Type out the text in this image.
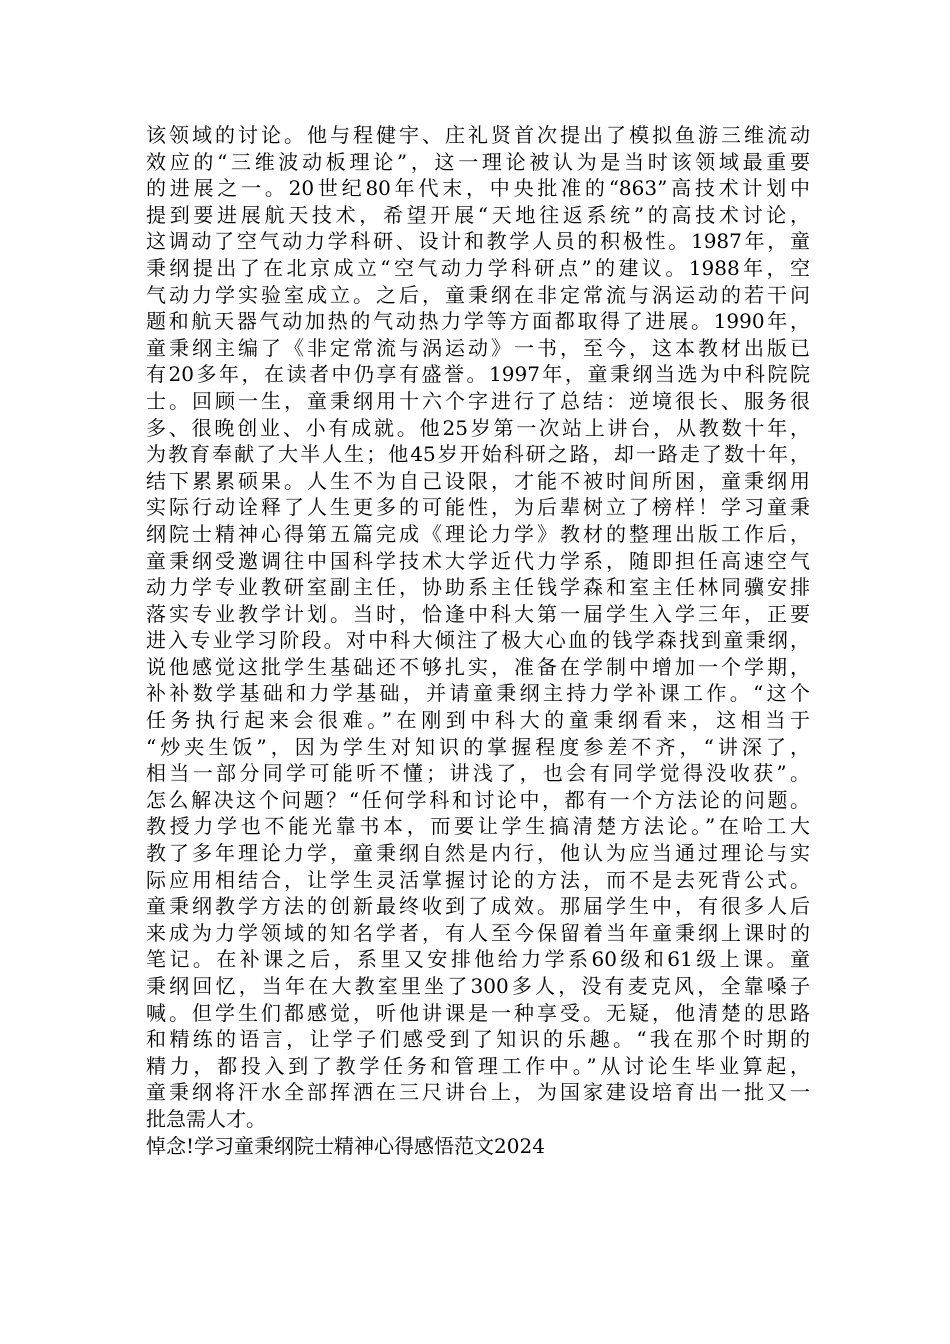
该领域的讨论。他与程健宇、庄礼贤首次提出了模拟鱼游三维流动
效应的“三维波动板理论”，这一理论被认为是当时该领域最重要
的进展之一。20世纪80年代末，中央批准的“863”高技术计划中
提到要进展航天技术，希望开展“天地往返系统”的高技术讨论，
这调动了空气动力学科研、设计和教学人员的积极性。1987年，童
秉纲提出了在北京成立“空气动力学科研点”的建议。1988年，空
气动力学实验室成立。之后，童秉纲在非定常流与涡运动的若干问
题和航天器气动加热的气动热力学等方面都取得了进展。1990年，
童秉纲主编了《非定常流与涡运动》一书，至今，这本教材出版已
有20多年，在读者中仍享有盛誉。1997年，童秉纲当选为中科院院
士。回顾一生，童秉纲用十六个字进行了总结：逆境很长、服务很
多、很晚创业、小有成就。他25岁第一次站上讲台，从教数十年，
为教育奉献了大半人生；他45岁开始科研之路，却一路走了数十年，
结下累累硕果。人生不为自己设限，才能不被时间所困，童秉纲用
实际行动诠释了人生更多的可能性，为后辈树立了榜样！学习童秉
纲院士精神心得第五篇完成《理论力学》教材的整理出版工作后，
童秉纲受邀调往中国科学技术大学近代力学系，随即担任高速空气
动力学专业教研室副主任，协助系主任钱学森和室主任林同骥安排
落实专业教学计划。当时，恰逢中科大第一届学生入学三年，正要
进入专业学习阶段。对中科大倾注了极大心血的钱学森找到童秉纲，
说他感觉这批学生基础还不够扎实，准备在学制中增加一个学期，
补补数学基础和力学基础，并请童秉纲主持力学补课工作。“这个
任务执行起来会很难。”在刚到中科大的童秉纲看来，这相当于
“炒夹生饭”，因为学生对知识的掌握程度参差不齐，“讲深了，
相当一部分同学可能听不懂；讲浅了，也会有同学觉得没收获”。
怎么解决这个问题？“任何学科和讨论中，都有一个方法论的问题。
教授力学也不能光靠书本，而要让学生搞清楚方法论。”在哈工大
教了多年理论力学，童秉纲自然是内行，他认为应当通过理论与实
际应用相结合，让学生灵活掌握讨论的方法，而不是去死背公式。
童秉纲教学方法的创新最终收到了成效。那届学生中，有很多人后
来成为力学领域的知名学者，有人至今保留着当年童秉纲上课时的
笔记。在补课之后，系里又安排他给力学系60级和61级上课。童
秉纲回忆，当年在大教室里坐了300多人，没有麦克风，全靠嗓子
喊。但学生们都感觉，听他讲课是一种享受。无疑，他清楚的思路
和精练的语言，让学子们感受到了知识的乐趣。“我在那个时期的
精力，都投入到了教学任务和管理工作中。”从讨论生毕业算起，
童秉纲将汗水全部挥洒在三尺讲台上，为国家建设培育出一批又一
批急需人才。
悼念!学习童秉纲院士精神心得感悟范文2024
